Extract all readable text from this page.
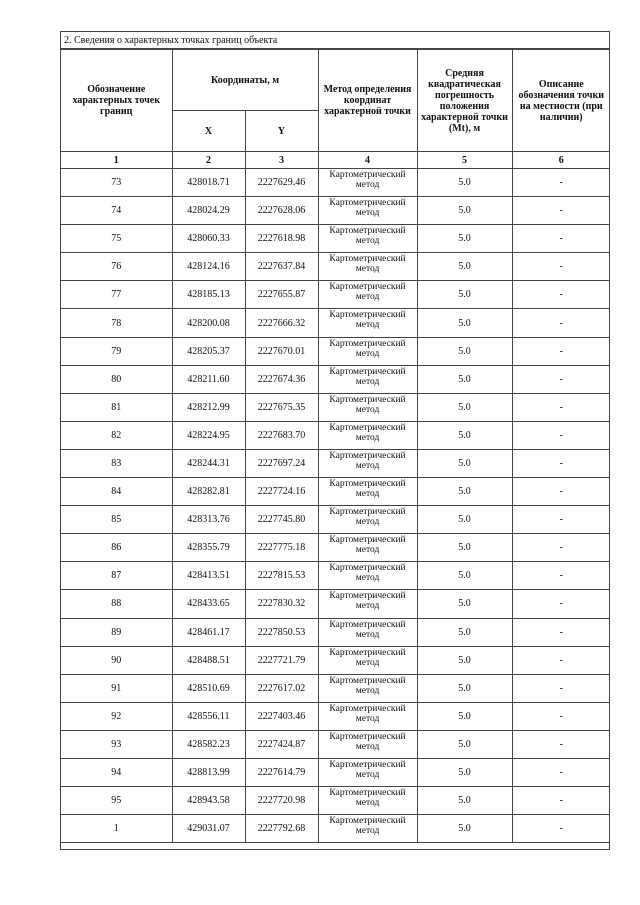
2. Сведения о характерных точках границ объекта
Обозначение характерных точек границ	Координаты, м		Метод определения координат характерной точки	Средняя квадратическая погрешность положения характерной точки (Mt), м	Описание обозначения точки на местности (при наличии)
	X	Y			
1	2	3	4	5	6
73	428018.71	2227629.46	Картометрический метод	5.0	-
74	428024.29	2227628.06	Картометрический метод	5.0	-
75	428060.33	2227618.98	Картометрический метод	5.0	-
76	428124.16	2227637.84	Картометрический метод	5.0	-
77	428185.13	2227655.87	Картометрический метод	5.0	-
78	428200.08	2227666.32	Картометрический метод	5.0	-
79	428205.37	2227670.01	Картометрический метод	5.0	-
80	428211.60	2227674.36	Картометрический метод	5.0	-
81	428212.99	2227675.35	Картометрический метод	5.0	-
82	428224.95	2227683.70	Картометрический метод	5.0	-
83	428244.31	2227697.24	Картометрический метод	5.0	-
84	428282.81	2227724.16	Картометрический метод	5.0	-
85	428313.76	2227745.80	Картометрический метод	5.0	-
86	428355.79	2227775.18	Картометрический метод	5.0	-
87	428413.51	2227815.53	Картометрический метод	5.0	-
88	428433.65	2227830.32	Картометрический метод	5.0	-
89	428461.17	2227850.53	Картометрический метод	5.0	-
90	428488.51	2227721.79	Картометрический метод	5.0	-
91	428510.69	2227617.02	Картометрический метод	5.0	-
92	428556.11	2227403.46	Картометрический метод	5.0	-
93	428582.23	2227424.87	Картометрический метод	5.0	-
94	428813.99	2227614.79	Картометрический метод	5.0	-
95	428943.58	2227720.98	Картометрический метод	5.0	-
1	429031.07	2227792.68	Картометрический метод	5.0	-
